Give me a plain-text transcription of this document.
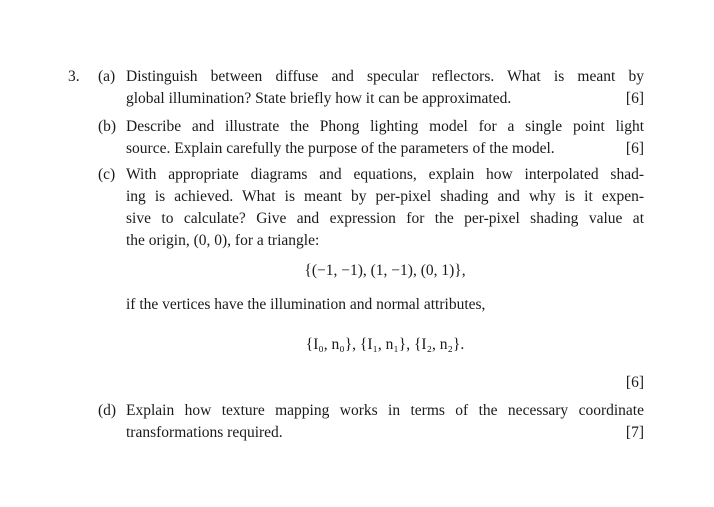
3. (a) Distinguish between diffuse and specular reflectors. What is meant by
global illumination? State briefly how it can be approximated.	[6]
(b) Describe and illustrate the Phong lighting model for a single point light
source. Explain carefully the purpose of the parameters of the model.	[6]
(c) With appropriate diagrams and equations, explain how interpolated shad-
ing is achieved. What is meant by per-pixel shading and why is it expen-
sive to calculate? Give and expression for the per-pixel shading value at
the origin, (0, 0), for a triangle:
{(−1, −1), (1, −1), (0, 1)},
if the vertices have the illumination and normal attributes,
{I₀, n₀}, {I₁, n₁}, {I₂, n₂}.
[6]
(d) Explain how texture mapping works in terms of the necessary coordinate
transformations required.	[7]
